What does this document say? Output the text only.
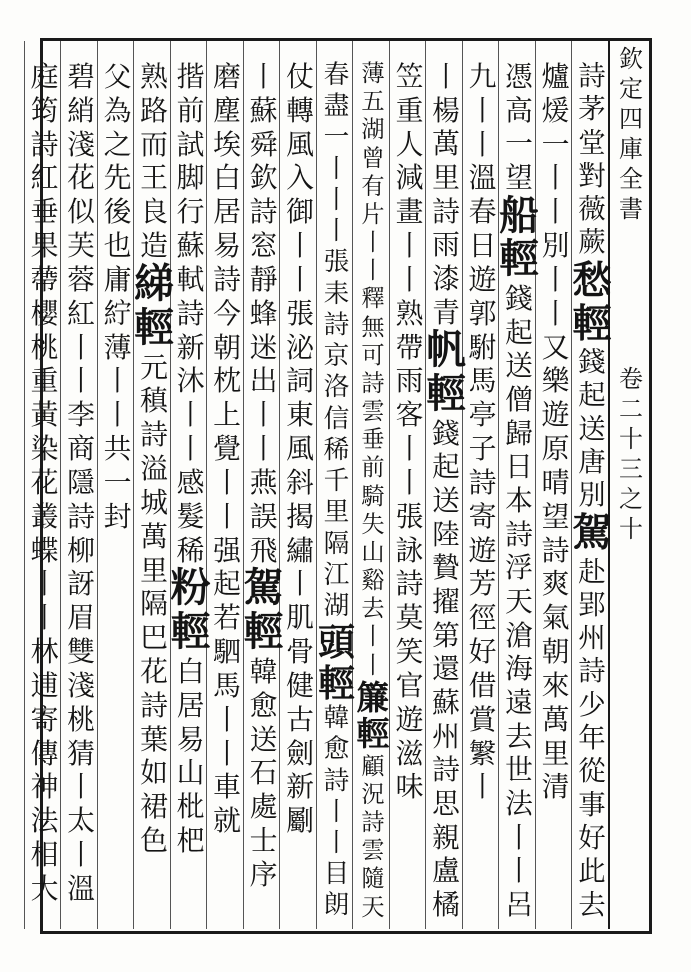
欽
定
四
庫
全
書
卷
二
十
三
之
十
詩
茅
堂
對
薇
蕨
愁
輕
錢
起
送
唐
別
駕
赴
郢
州
詩
少
年
從
事
好
此
去
爐
煖
一
丨
丨
別
丨
丨
又
樂
遊
原
晴
望
詩
爽
氣
朝
來
萬
里
清
憑
高
一
望
船
輕
錢
起
送
僧
歸
日
本
詩
浮
天
滄
海
遠
去
世
法
丨
丨
呂
九
丨
丨
溫
春
日
遊
郭
駙
馬
亭
子
詩
寄
遊
芳
徑
好
借
賞
䌓
丨
丨
楊
萬
里
詩
雨
漆
青
帆
輕
錢
起
送
陸
贄
擢
第
還
蘇
州
詩
思
親
盧
橘
笠
重
人
減
畫
丨
丨
熟
帶
雨
客
丨
丨
張
詠
詩
莫
笑
官
遊
滋
味
薄
五
湖
曾
有
片
丨
丨
釋
無
可
詩
雲
垂
前
騎
失
山
谿
去
丨
丨
簾
輕
顧
況
詩
雲
隨
天
春
盡
一
丨
丨
丨
張
耒
詩
京
洛
信
稀
千
里
隔
江
湖
頭
輕
韓
愈
詩
丨
丨
目
朗
仗
轉
風
入
御
丨
丨
張
泌
詞
東
風
斜
揭
繡
丨
肌
骨
健
古
劍
新
劚
丨
蘇
舜
欽
詩
窓
靜
蜂
迷
出
丨
丨
燕
誤
飛
駕
輕
韓
愈
送
石
處
士
序
磨
塵
埃
白
居
易
詩
今
朝
枕
上
覺
丨
丨
强
起
若
駟
馬
丨
丨
車
就
揩
前
試
脚
行
蘇
軾
詩
新
沐
丨
丨
感
髮
稀
粉
輕
白
居
易
山
枇
杷
熟
路
而
王
良
造
綈
輕
元
稹
詩
溢
城
萬
里
隔
巴
花
詩
葉
如
裙
色
父
為
之
先
後
也
庸
紵
薄
丨
丨
共
一
封
碧
綃
淺
花
似
芙
蓉
紅
丨
丨
李
商
隱
詩
柳
訝
眉
雙
淺
桃
猜
丨
太
丨
溫
庭
筠
詩
紅
垂
果
蔕
櫻
桃
重
黃
染
花
叢
蝶
丨
丨
林
逋
寄
傳
神
法
相
大
